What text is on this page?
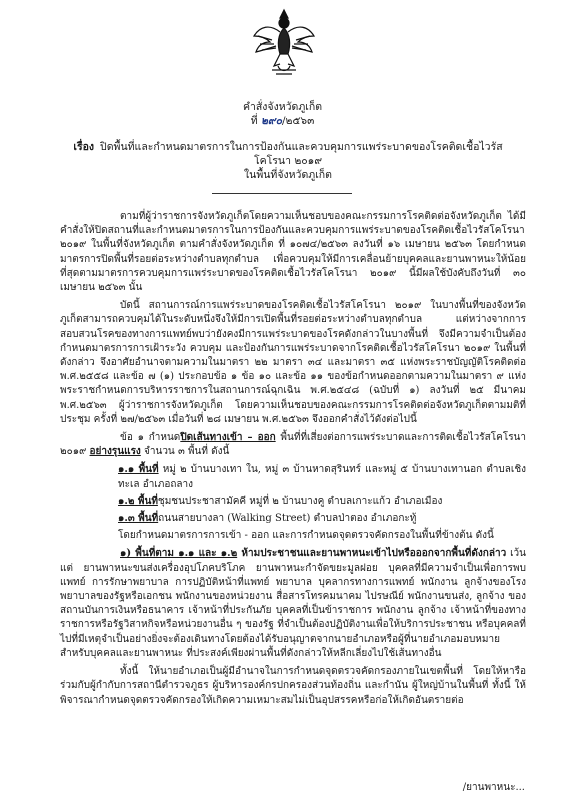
คำสั่งจังหวัดภูเก็ต
ที่ ๒๙๐/๒๕๖๓
เรื่อง ปิดพื้นที่และกำหนดมาตรการในการป้องกันและควบคุมการแพร่ระบาดของโรคติดเชื้อไวรัสโคโรนา ๒๐๑๙
ในพื้นที่จังหวัดภูเก็ต

ตามที่ผู้ว่าราชการจังหวัดภูเก็ตโดยความเห็นชอบของคณะกรรมการโรคติดต่อจังหวัดภูเก็ต ได้มีคำสั่งให้ปิดสถานที่และกำหนดมาตรการในการป้องกันและควบคุมการแพร่ระบาดของโรคติดเชื้อไวรัสโคโรนา ๒๐๑๙ ในพื้นที่จังหวัดภูเก็ต ตามคำสั่งจังหวัดภูเก็ต ที่ ๑๐๗๔/๒๕๖๓ ลงวันที่ ๑๖ เมษายน ๒๕๖๓ โดยกำหนดมาตรการปิดพื้นที่รอยต่อระหว่างตำบลทุกตำบล เพื่อควบคุมให้มีการเคลื่อนย้ายบุคคลและยานพาหนะให้น้อยที่สุดตามมาตรการควบคุมการแพร่ระบาดของโรคติดเชื้อไวรัสโคโรนา ๒๐๑๙ นี้มีผลใช้บังคับถึงวันที่ ๓๐ เมษายน ๒๕๖๓ นั้น

บัดนี้ สถานการณ์การแพร่ระบาดของโรคติดเชื้อไวรัสโคโรนา ๒๐๑๙ ในบางพื้นที่ของจังหวัดภูเก็ตสามารถควบคุมได้ในระดับหนึ่งจึงให้มีการเปิดพื้นที่รอยต่อระหว่างตำบลทุกตำบล แต่หว่างจากการสอบสวนโรคของทางการแพทย์พบว่ายังคงมีการแพร่ระบาดของโรคดังกล่าวในบางพื้นที่ จึงมีความจำเป็นต้องกำหนดมาตรการการเฝ้าระวัง ควบคุม และป้องกันการแพร่ระบาดจากโรคติดเชื้อไวรัสโคโรนา ๒๐๑๙ ในพื้นที่ดังกล่าว จึงอาศัยอำนาจตามความในมาตรา ๒๒ มาตรา ๓๔ และมาตรา ๓๕ แห่งพระราชบัญญัติโรคติดต่อ พ.ศ.๒๕๕๘ และข้อ ๗ (๑) ประกอบข้อ ๑ ข้อ ๑๐ และข้อ ๑๑ ของข้อกำหนดออกตามความในมาตรา ๙ แห่งพระราชกำหนดการบริหารราชการในสถานการณ์ฉุกเฉิน พ.ศ.๒๕๔๘ (ฉบับที่ ๑) ลงวันที่ ๒๕ มีนาคม พ.ศ.๒๕๖๓ ผู้ว่าราชการจังหวัดภูเก็ต โดยความเห็นชอบของคณะกรรมการโรคติดต่อจังหวัดภูเก็ตตามมติที่ประชุม ครั้งที่ ๒๗/๒๕๖๓ เมื่อวันที่ ๒๘ เมษายน พ.ศ.๒๕๖๓ จึงออกคำสั่งไว้ดังต่อไปนี้

ข้อ ๑ กำหนดปิดเส้นทางเข้า – ออก พื้นที่ที่เสี่ยงต่อการแพร่ระบาดและการติดเชื้อไวรัสโคโรนา ๒๐๑๙ อย่างรุนแรง จำนวน ๓ พื้นที่ ดังนี้

๑.๑ พื้นที่ หมู่ ๒ บ้านบางเทา ใน, หมู่ ๓ บ้านหาดสุรินทร์ และหมู่ ๕ บ้านบางเทานอก ตำบลเชิงทะเล อำเภอถลาง

๑.๒ พื้นที่ชุมชนประชาสามัคคี หมู่ที่ ๒ บ้านบางคู ตำบลเกาะแก้ว อำเภอเมือง

๑.๓ พื้นที่ถนนสายบางลา (Walking Street) ตำบลป่าตอง อำเภอกะทู้

โดยกำหนดมาตรการการเข้า - ออก และการกำหนดจุดตรวจคัดกรองในพื้นที่ข้างต้น ดังนี้

๑) พื้นที่ตาม ๑.๑ และ ๑.๒ ห้ามประชาชนและยานพาหนะเข้าไปหรือออกจากพื้นที่ดังกล่าว เว้นแต่ ยานพาหนะขนส่งเครื่องอุปโภคบริโภค ยานพาหนะกำจัดขยะมูลฝอย บุคคลที่มีความจำเป็นเพื่อการพบแพทย์ การรักษาพยาบาล การปฏิบัติหน้าที่แพทย์ พยาบาล บุคลากรทางการแพทย์ พนักงาน ลูกจ้างของโรงพยาบาลของรัฐหรือเอกชน พนักงานของหน่วยงาน สื่อสารโทรคมนาคม ไปรษณีย์ พนักงานขนส่ง, ลูกจ้าง ของสถานบันการเงินหรือธนาคาร เจ้าหน้าที่ประกันภัย บุคคลที่เป็นข้าราชการ พนักงาน ลูกจ้าง เจ้าหน้าที่ของทางราชการหรือรัฐวิสาหกิจหรือหน่วยงานอื่น ๆ ของรัฐ ที่จำเป็นต้องปฏิบัติงานเพื่อให้บริการประชาชน หรือบุคคลที่ไปที่มีเหตุจำเป็นอย่างยิ่งจะต้องเดินทางโดยต้องได้รับอนุญาตจากนายอำเภอหรือผู้ที่นายอำเภอมอบหมาย สำหรับบุคคลและยานพาหนะ ที่ประสงค์เพียงผ่านพื้นที่ดังกล่าวให้หลีกเลี่ยงไปใช้เส้นทางอื่น

ทั้งนี้ ให้นายอำเภอเป็นผู้มีอำนาจในการกำหนดจุดตรวจคัดกรองภายในเขตพื้นที่ โดยให้หารือร่วมกับผู้กำกับการสถานีตำรวจภูธร ผู้บริหารองค์กรปกครองส่วนท้องถิ่น และกำนัน ผู้ใหญ่บ้านในพื้นที่ ทั้งนี้ ให้พิจารณากำหนดจุดตรวจคัดกรองให้เกิดความเหมาะสมไม่เป็นอุปสรรคหรือก่อให้เกิดอันตรายต่อ

/ยานพาหนะ...
